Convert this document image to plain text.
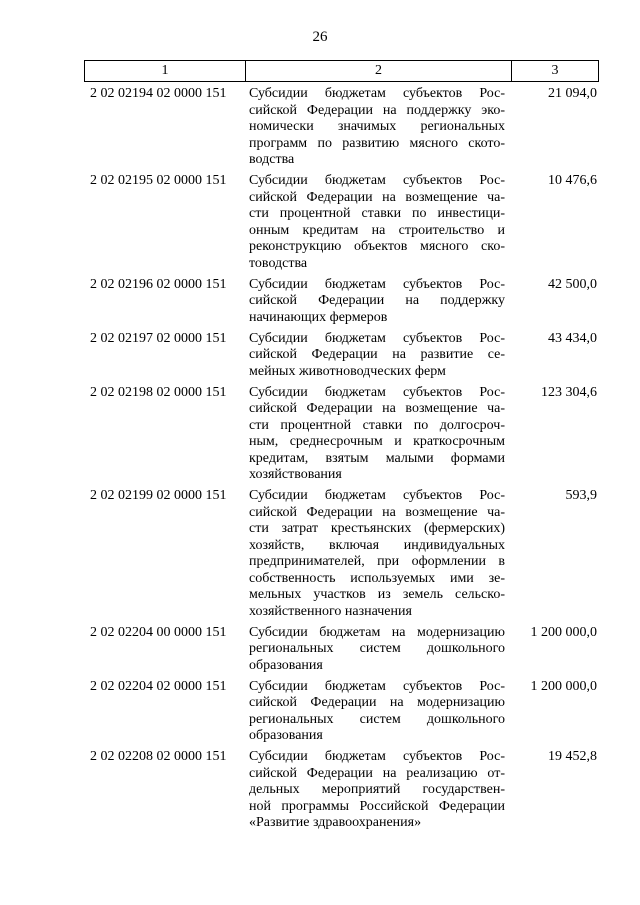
26
1	2	3
2 02 02194 02 0000 151	Субсидии бюджетам субъектов Рос-
сийской Федерации на поддержку эко-
номически значимых региональных
программ по развитию мясного ското-
водства
21 094,0
2 02 02195 02 0000 151	Субсидии бюджетам субъектов Рос-
сийской Федерации на возмещение ча-
сти процентной ставки по инвестици-
онным кредитам на строительство и
реконструкцию объектов мясного ско-
товодства
10 476,6
2 02 02196 02 0000 151	Субсидии бюджетам субъектов Рос-
сийской Федерации на поддержку
начинающих фермеров
42 500,0
2 02 02197 02 0000 151	Субсидии бюджетам субъектов Рос-
сийской Федерации на развитие се-
мейных животноводческих ферм
43 434,0
2 02 02198 02 0000 151	Субсидии бюджетам субъектов Рос-
сийской Федерации на возмещение ча-
сти процентной ставки по долгосроч-
ным, среднесрочным и краткосрочным
кредитам, взятым малыми формами
хозяйствования
123 304,6
2 02 02199 02 0000 151	Субсидии бюджетам субъектов Рос-
сийской Федерации на возмещение ча-
сти затрат крестьянских (фермерских)
хозяйств, включая индивидуальных
предпринимателей, при оформлении в
собственность используемых ими зе-
мельных участков из земель сельско-
хозяйственного назначения
593,9
2 02 02204 00 0000 151	Субсидии бюджетам на модернизацию
региональных систем дошкольного
образования
1 200 000,0
2 02 02204 02 0000 151	Субсидии бюджетам субъектов Рос-
сийской Федерации на модернизацию
региональных систем дошкольного
образования
1 200 000,0
2 02 02208 02 0000 151	Субсидии бюджетам субъектов Рос-
сийской Федерации на реализацию от-
дельных мероприятий государствен-
ной программы Российской Федерации
«Развитие здравоохранения»
19 452,8
